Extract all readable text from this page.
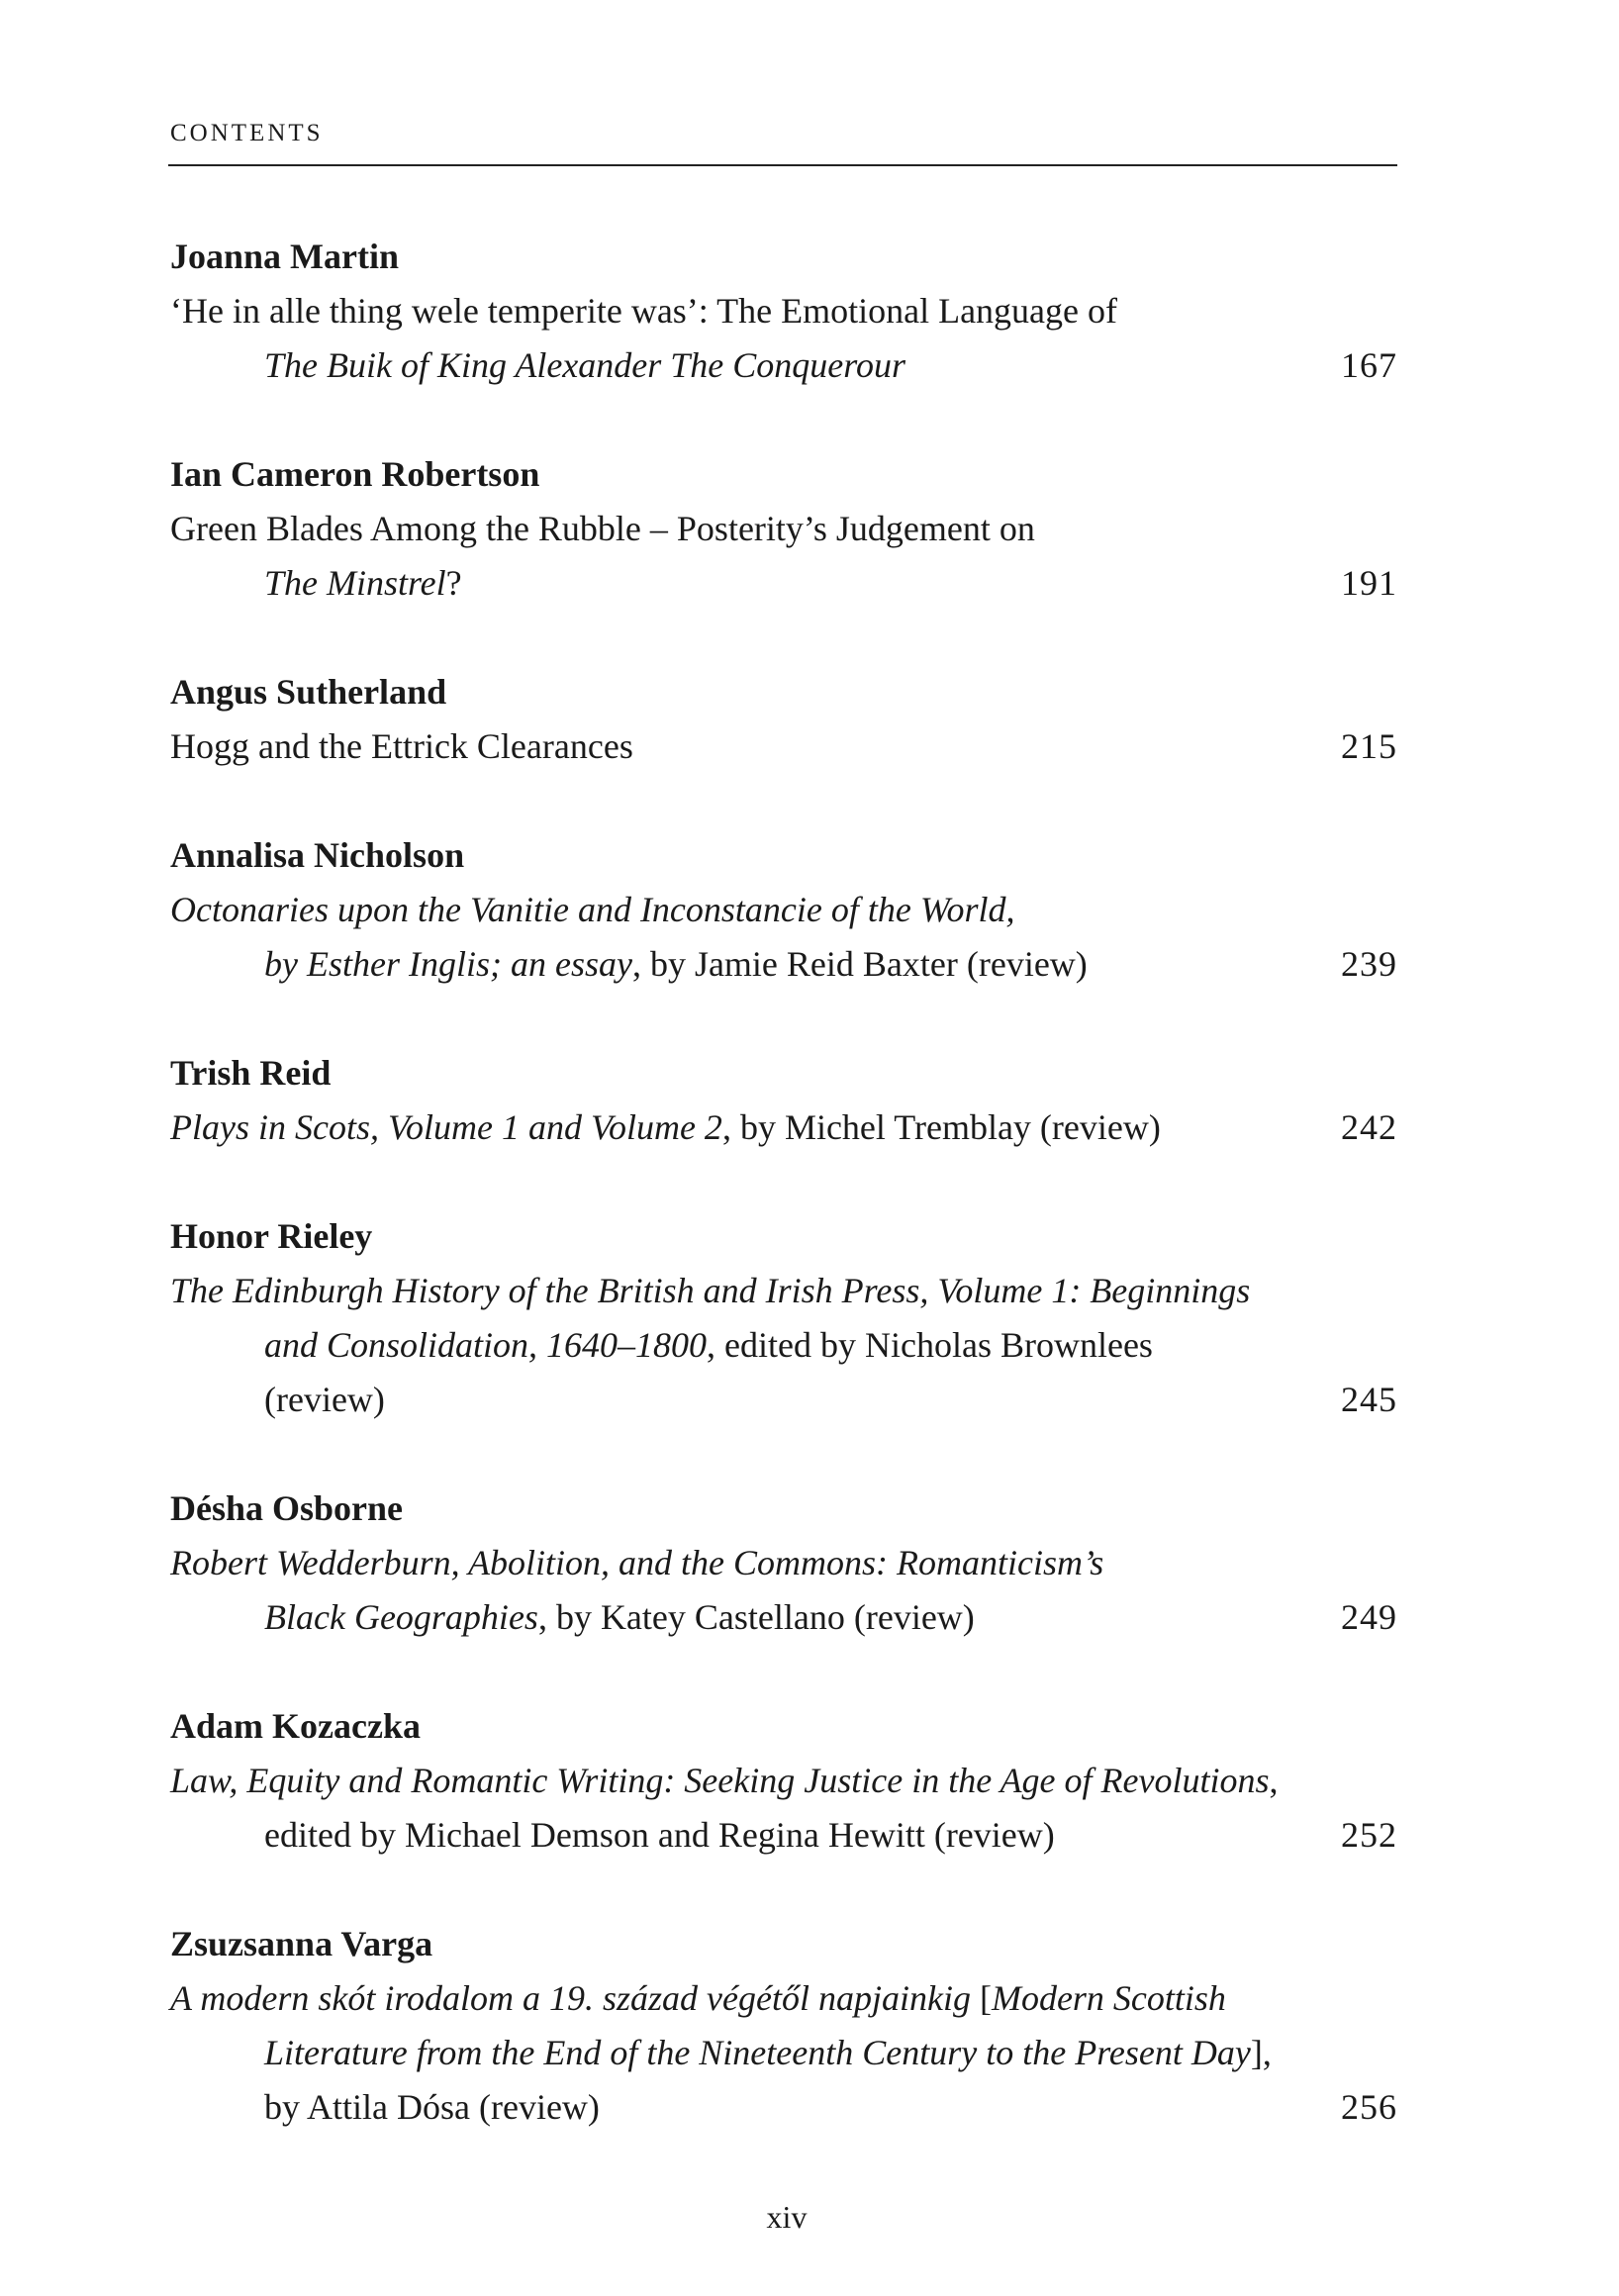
CONTENTS
Joanna Martin
‘He in alle thing wele temperite was’: The Emotional Language of
The Buik of King Alexander The Conquerour	167
Ian Cameron Robertson
Green Blades Among the Rubble – Posterity’s Judgement on
The Minstrel?	191
Angus Sutherland
Hogg and the Ettrick Clearances	215
Annalisa Nicholson
Octonaries upon the Vanitie and Inconstancie of the World,
by Esther Inglis; an essay, by Jamie Reid Baxter (review)	239
Trish Reid
Plays in Scots, Volume 1 and Volume 2, by Michel Tremblay (review)	242
Honor Rieley
The Edinburgh History of the British and Irish Press, Volume 1: Beginnings
and Consolidation, 1640–1800, edited by Nicholas Brownlees
(review)	245
Désha Osborne
Robert Wedderburn, Abolition, and the Commons: Romanticism’s
Black Geographies, by Katey Castellano (review)	249
Adam Kozaczka
Law, Equity and Romantic Writing: Seeking Justice in the Age of Revolutions,
edited by Michael Demson and Regina Hewitt (review)	252
Zsuzsanna Varga
A modern skót irodalom a 19. század végétől napjainkig [Modern Scottish
Literature from the End of the Nineteenth Century to the Present Day],
by Attila Dósa (review)	256
xiv
